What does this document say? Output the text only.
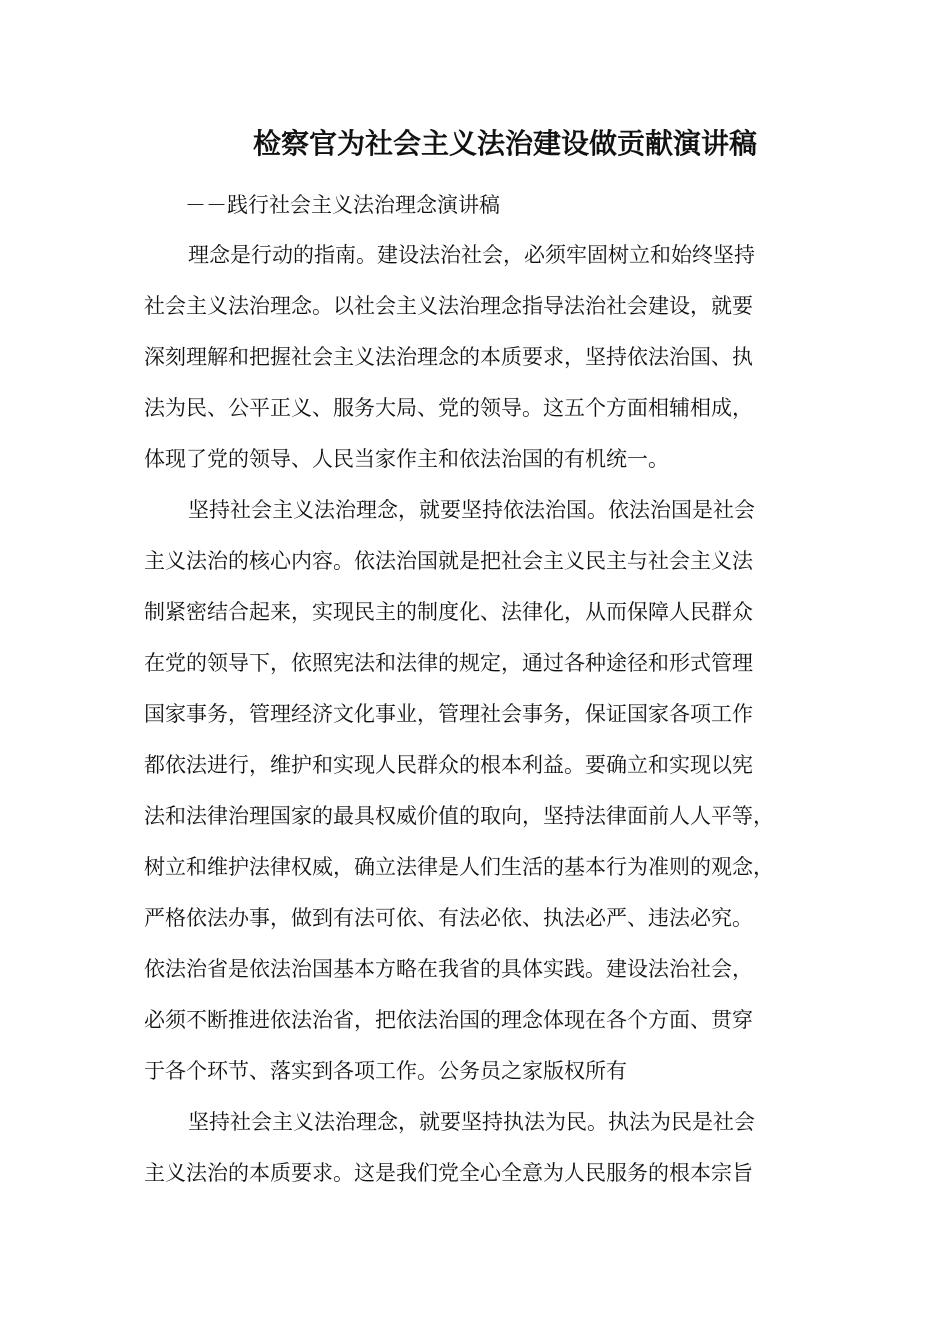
检察官为社会主义法治建设做贡献演讲稿
－－践行社会主义法治理念演讲稿
理念是行动的指南。建设法治社会，必须牢固树立和始终坚持
社会主义法治理念。以社会主义法治理念指导法治社会建设，就要
深刻理解和把握社会主义法治理念的本质要求，坚持依法治国、执
法为民、公平正义、服务大局、党的领导。这五个方面相辅相成，
体现了党的领导、人民当家作主和依法治国的有机统一。
坚持社会主义法治理念，就要坚持依法治国。依法治国是社会
主义法治的核心内容。依法治国就是把社会主义民主与社会主义法
制紧密结合起来，实现民主的制度化、法律化，从而保障人民群众
在党的领导下，依照宪法和法律的规定，通过各种途径和形式管理
国家事务，管理经济文化事业，管理社会事务，保证国家各项工作
都依法进行，维护和实现人民群众的根本利益。要确立和实现以宪
法和法律治理国家的最具权威价值的取向，坚持法律面前人人平等，
树立和维护法律权威，确立法律是人们生活的基本行为准则的观念，
严格依法办事，做到有法可依、有法必依、执法必严、违法必究。
依法治省是依法治国基本方略在我省的具体实践。建设法治社会，
必须不断推进依法治省，把依法治国的理念体现在各个方面、贯穿
于各个环节、落实到各项工作。公务员之家版权所有
坚持社会主义法治理念，就要坚持执法为民。执法为民是社会
主义法治的本质要求。这是我们党全心全意为人民服务的根本宗旨
